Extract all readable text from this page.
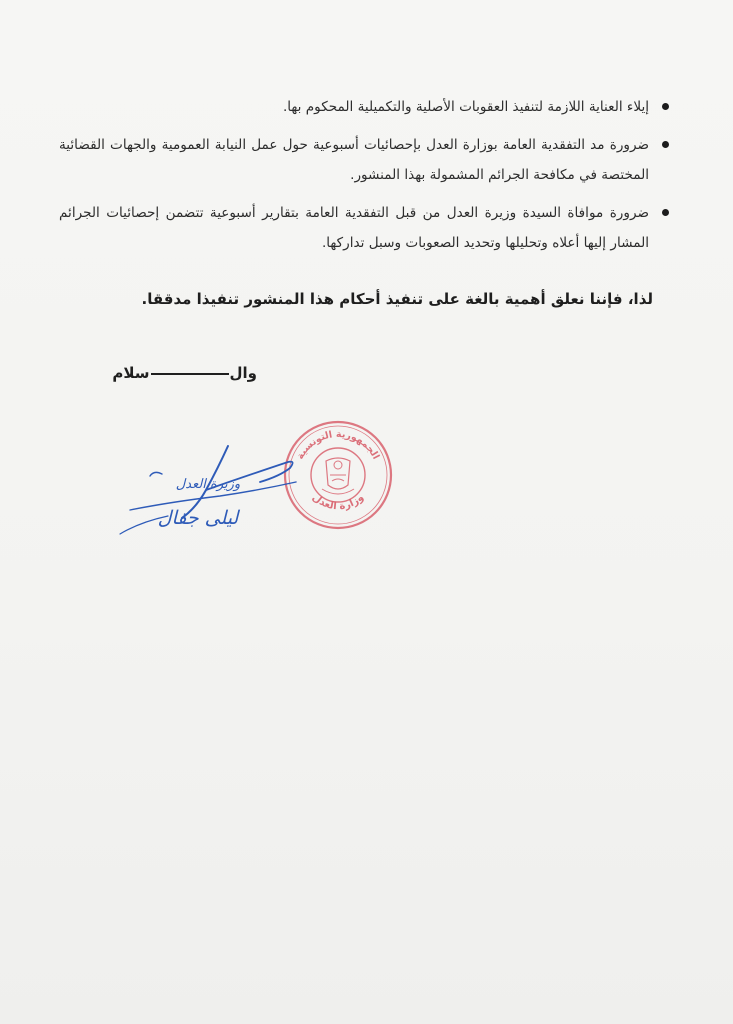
إيلاء العناية اللازمة لتنفيذ العقوبات الأصلية والتكميلية المحكوم بها.
ضرورة مد التفقدية العامة بوزارة العدل بإحصائيات أسبوعية حول عمل النيابة العمومية والجهات القضائية المختصة في مكافحة الجرائم المشمولة بهذا المنشور.
ضرورة موافاة السيدة وزيرة العدل من قبل التفقدية العامة بتقارير أسبوعية تتضمن إحصائيات الجرائم المشار إليها أعلاه وتحليلها وتحديد الصعوبات وسبل تداركها.
لذا، فإننا نعلق أهمية بالغة على تنفيذ أحكام هذا المنشور تنفيذا مدققا.
والسلام
الجمهورية التونسية
وزارة العدل
وزيرة العدل
ليلى جفال
